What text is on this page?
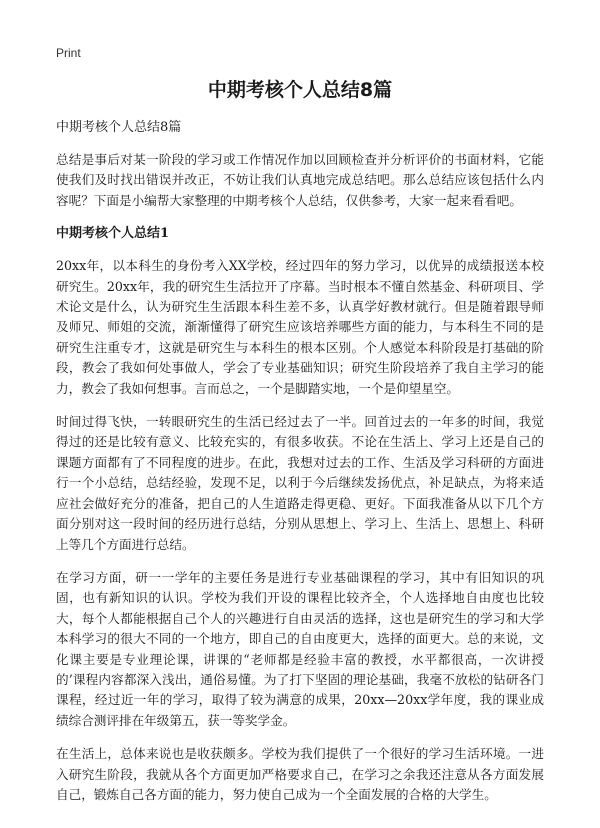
Print
中期考核个人总结8篇
中期考核个人总结8篇

总结是事后对某一阶段的学习或工作情况作加以回顾检查并分析评价的书面材料，它能使我们及时找出错误并改正，不妨让我们认真地完成总结吧。那么总结应该包括什么内容呢？下面是小编帮大家整理的中期考核个人总结，仅供参考，大家一起来看看吧。

中期考核个人总结1

20xx年，以本科生的身份考入XX学校，经过四年的努力学习，以优异的成绩报送本校研究生。20xx年，我的研究生生活拉开了序幕。当时根本不懂自然基金、科研项目、学术论文是什么，认为研究生生活跟本科生差不多，认真学好教材就行。但是随着跟导师及师兄、师姐的交流，渐渐懂得了研究生应该培养哪些方面的能力，与本科生不同的是研究生注重专才，这就是研究生与本科生的根本区别。个人感觉本科阶段是打基础的阶段，教会了我如何处事做人，学会了专业基础知识；研究生阶段培养了我自主学习的能力，教会了我如何想事。言而总之，一个是脚踏实地，一个是仰望星空。

时间过得飞快，一转眼研究生的生活已经过去了一半。回首过去的一年多的时间，我觉得过的还是比较有意义、比较充实的，有很多收获。不论在生活上、学习上还是自己的课题方面都有了不同程度的进步。在此，我想对过去的工作、生活及学习科研的方面进行一个小总结，总结经验，发现不足，以利于今后继续发扬优点，补足缺点，为将来适应社会做好充分的准备，把自己的人生道路走得更稳、更好。下面我准备从以下几个方面分别对这一段时间的经历进行总结，分别从思想上、学习上、生活上、思想上、科研上等几个方面进行总结。

在学习方面，研一一学年的主要任务是进行专业基础课程的学习，其中有旧知识的巩固，也有新知识的认识。学校为我们开设的课程比较齐全，个人选择地自由度也比较大，每个人都能根据自己个人的兴趣进行自由灵活的选择，这也是研究生的学习和大学本科学习的很大不同的一个地方，即自己的自由度更大，选择的面更大。总的来说，文化课主要是专业理论课，讲课的“老师都是经验丰富的教授，水平都很高，一次讲授的’课程内容都深入浅出，通俗易懂。为了打下坚固的理论基础，我毫不放松的钻研各门课程，经过近一年的学习，取得了较为满意的成果，20xx—20xx学年度，我的课业成绩综合测评排在年级第五，获一等奖学金。

在生活上，总体来说也是收获颇多。学校为我们提供了一个很好的学习生活环境。一进入研究生阶段，我就从各个方面更加严格要求自己，在学习之余我还注意从各方面发展自己，锻炼自己各方面的能力，努力使自己成为一个全面发展的合格的大学生。
